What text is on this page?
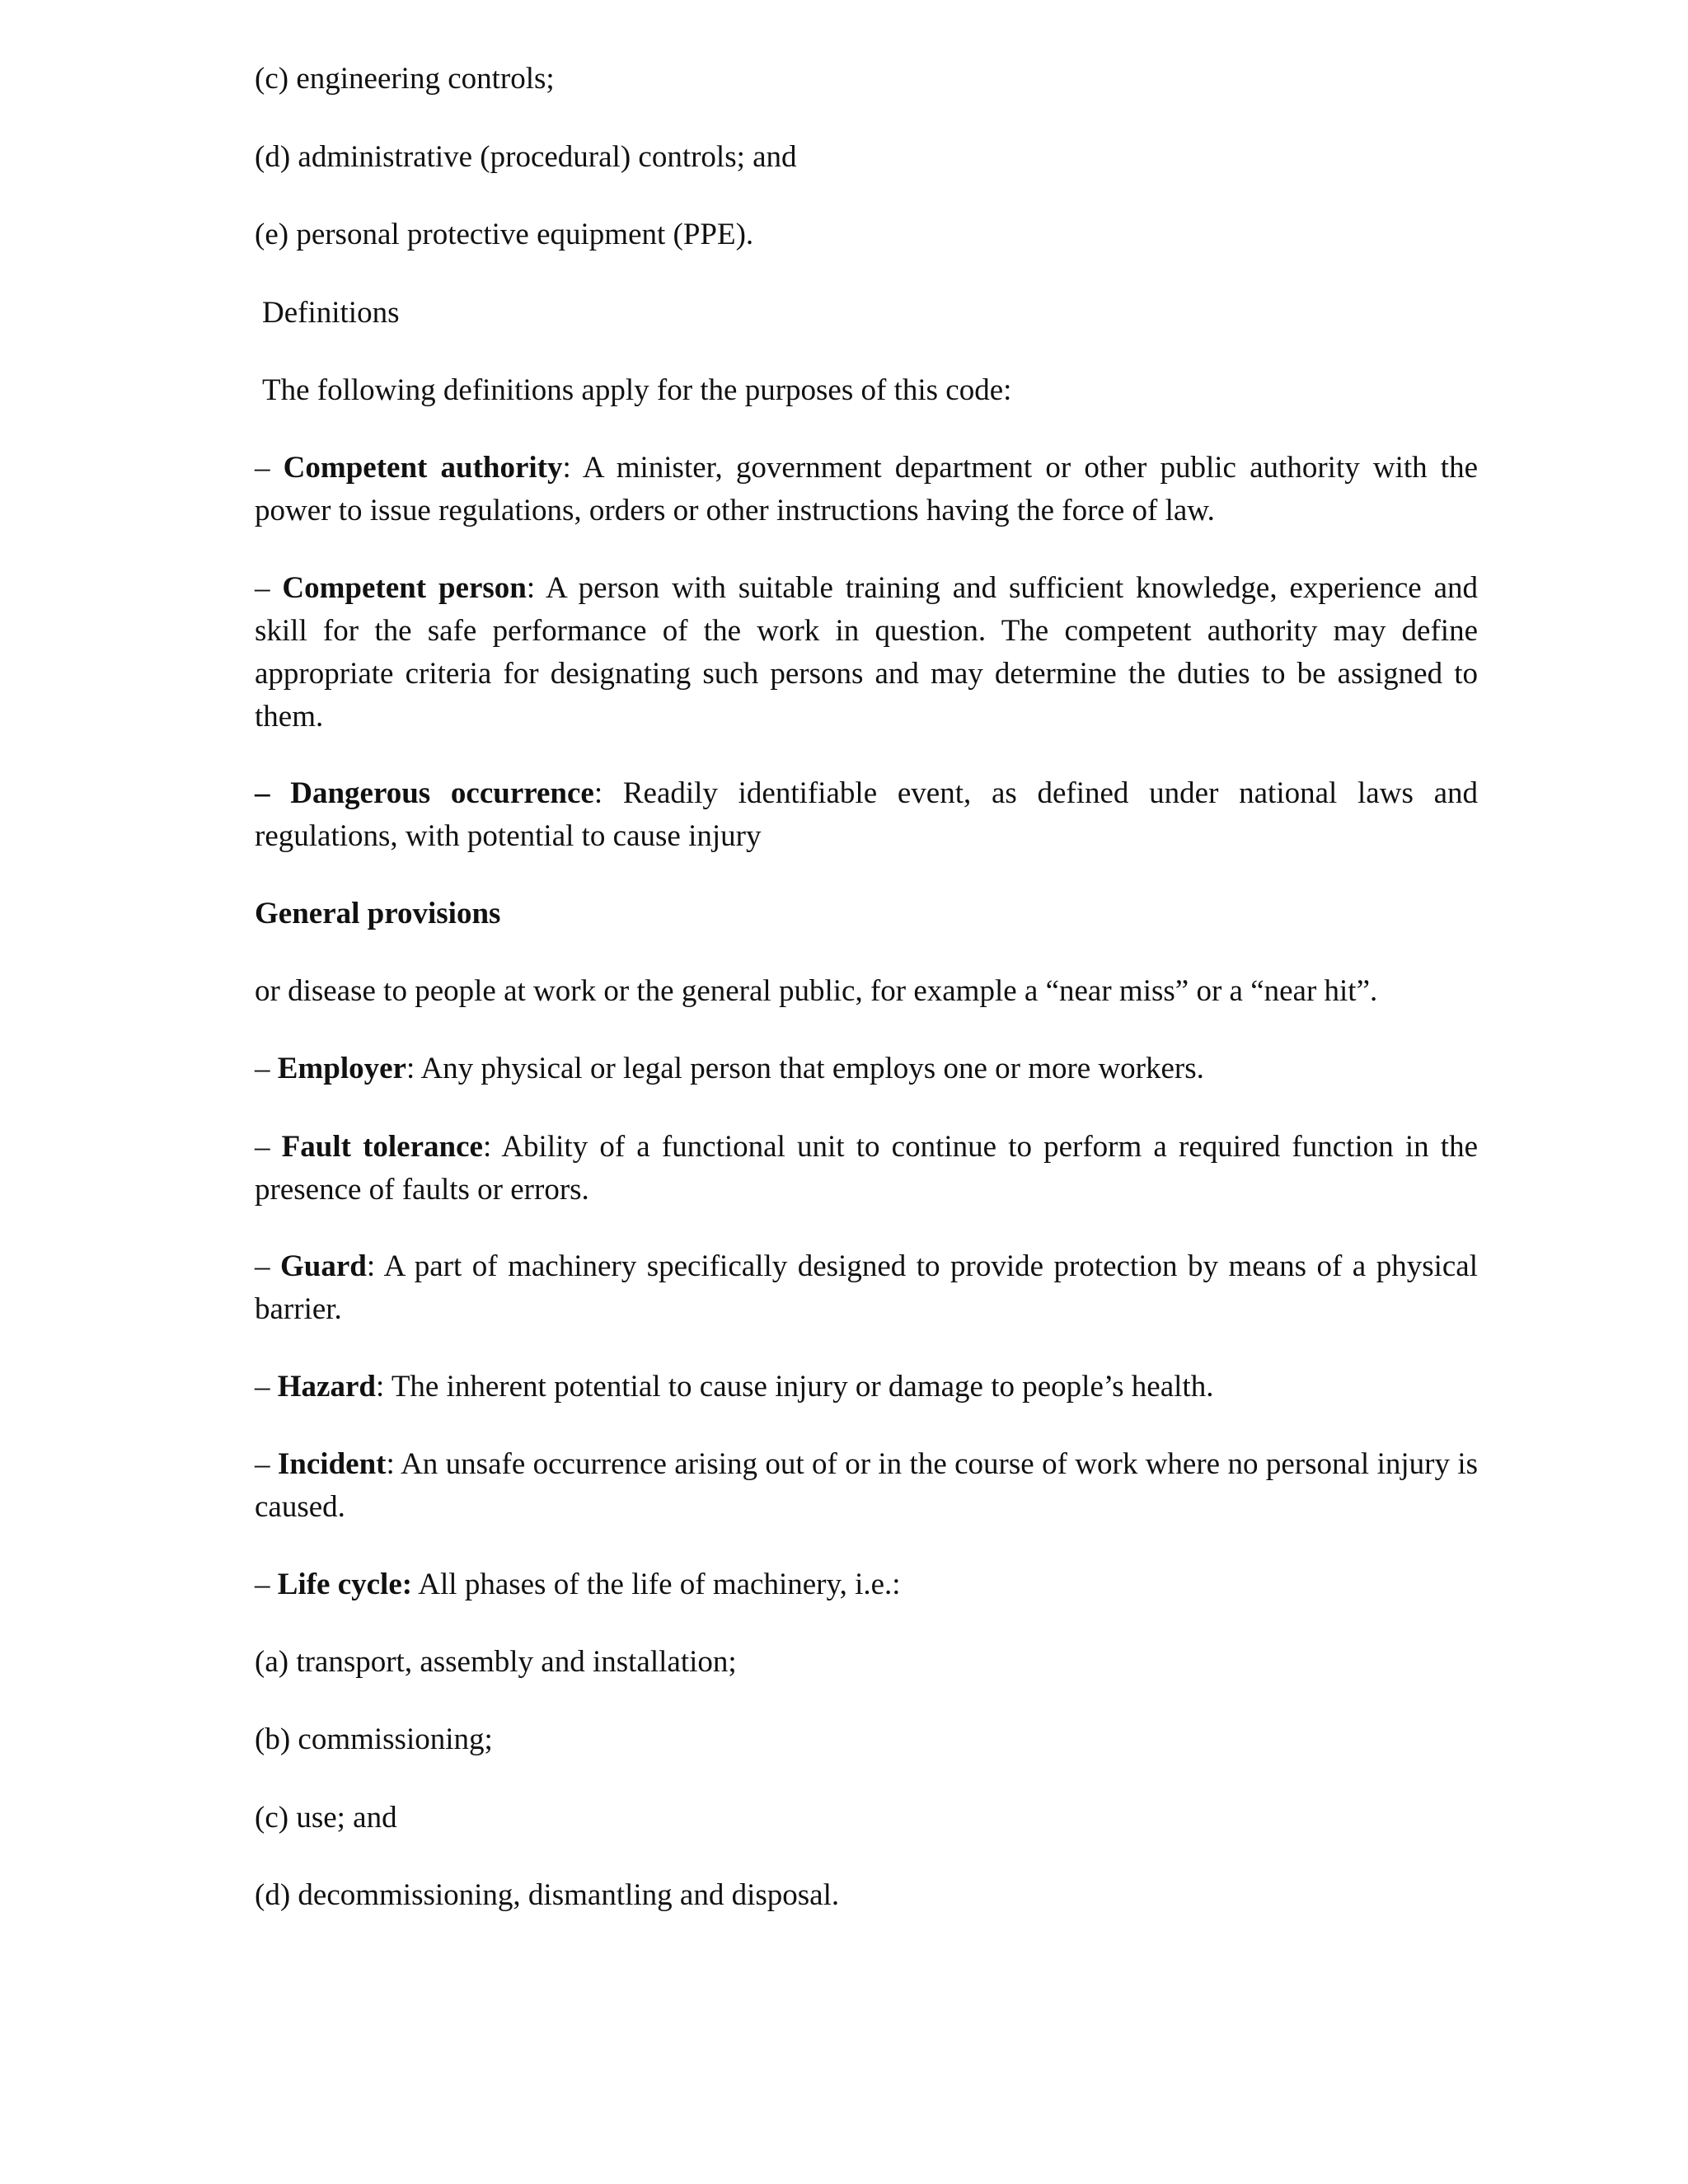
(c) engineering controls;

(d) administrative (procedural) controls; and

(e) personal protective equipment (PPE).

Definitions

The following definitions apply for the purposes of this code:

– Competent authority: A minister, government department or other public authority with the power to issue regulations, orders or other instructions having the force of law.

– Competent person: A person with suitable training and sufficient knowledge, experience and skill for the safe performance of the work in question. The competent authority may define appropriate criteria for designating such persons and may determine the duties to be assigned to them.

– Dangerous occurrence: Readily identifiable event, as defined under national laws and regulations, with potential to cause injury

General provisions

or disease to people at work or the general public, for example a “near miss” or a “near hit”.

– Employer: Any physical or legal person that employs one or more workers.

– Fault tolerance: Ability of a functional unit to continue to perform a required function in the presence of faults or errors.

– Guard: A part of machinery specifically designed to provide protection by means of a physical barrier.

– Hazard: The inherent potential to cause injury or damage to people’s health.

– Incident: An unsafe occurrence arising out of or in the course of work where no personal injury is caused.

– Life cycle: All phases of the life of machinery, i.e.:

(a) transport, assembly and installation;

(b) commissioning;

(c) use; and

(d) decommissioning, dismantling and disposal.
